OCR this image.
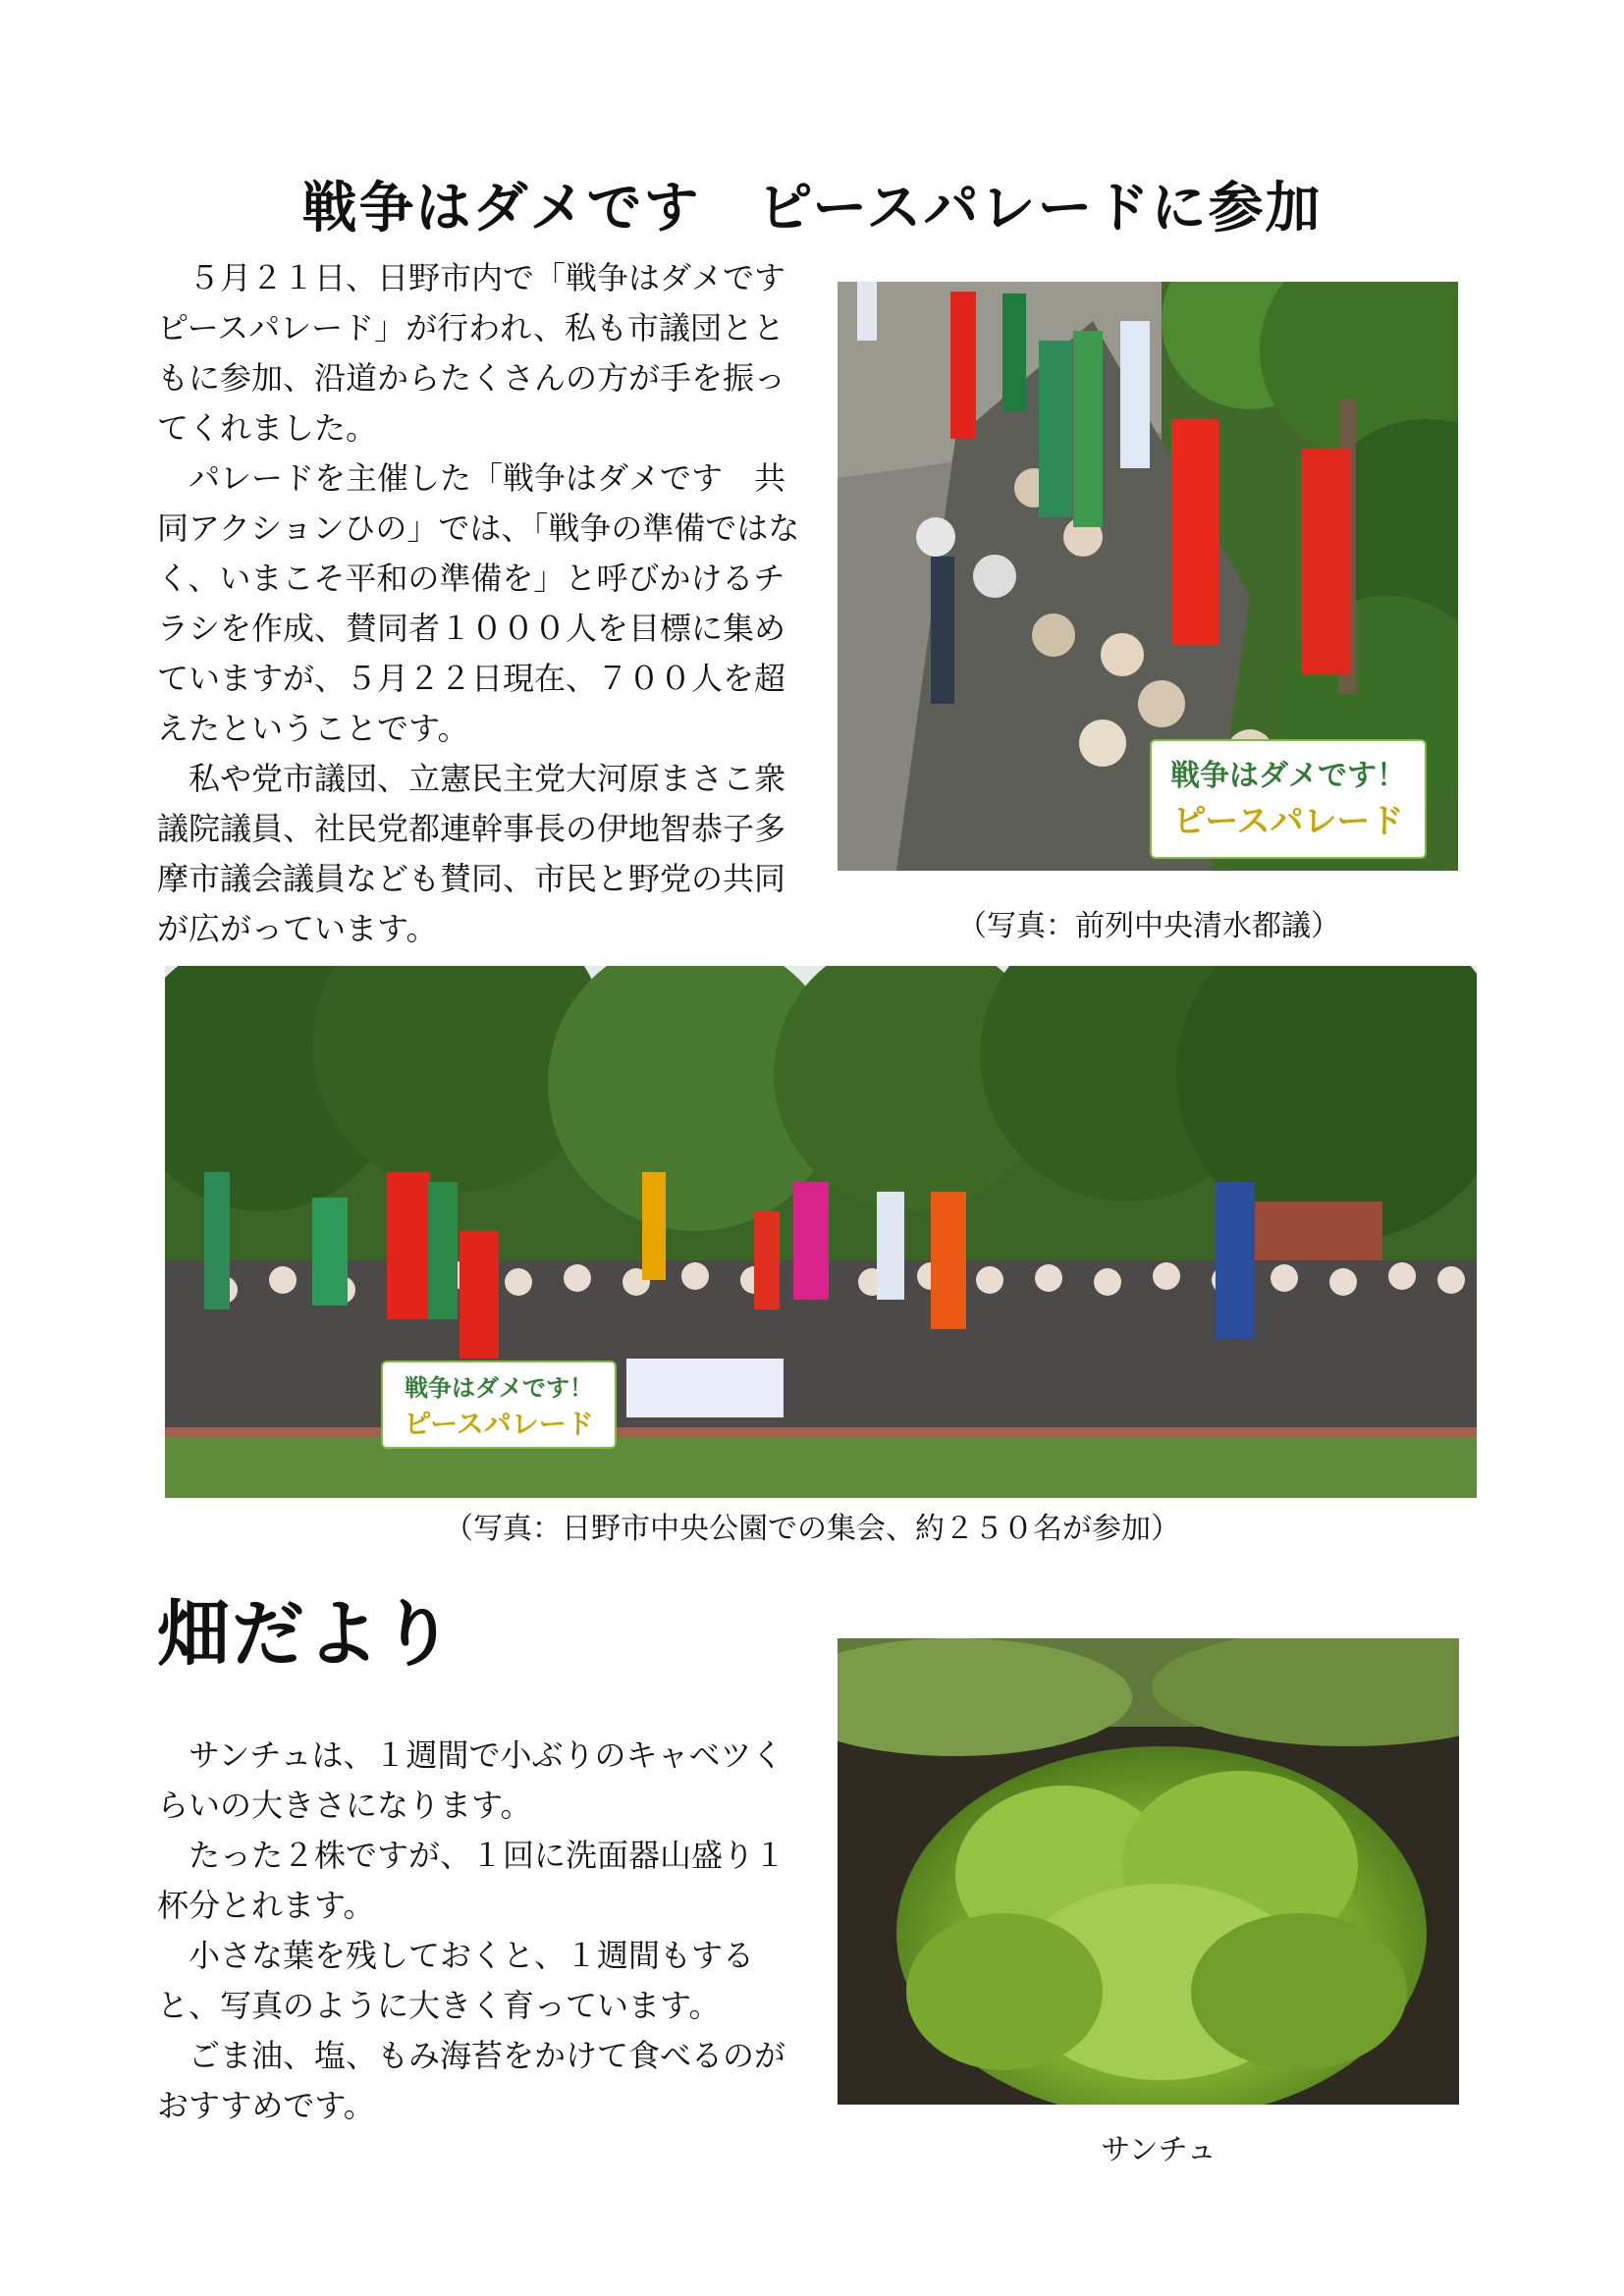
戦争はダメです　ピースパレードに参加

５月２１日、日野市内で「戦争はダメです　ピースパレード」が行われ、私も市議団とともに参加、沿道からたくさんの方が手を振ってくれました。

パレードを主催した「戦争はダメです　共同アクションひの」では、「戦争の準備ではなく、いまこそ平和の準備を」と呼びかけるチラシを作成、賛同者１０００人を目標に集めていますが、５月２２日現在、７００人を超えたということです。

私や党市議団、立憲民主党大河原まさこ衆議院議員、社民党都連幹事長の伊地智恭子多摩市議会議員なども賛同、市民と野党の共同が広がっています。

戦争はダメです！
ピースパレード
（写真：前列中央清水都議）
戦争はダメです！
ピースパレード
（写真：日野市中央公園での集会、約２５０名が参加）
畑だより

サンチュは、１週間で小ぶりのキャベツくらいの大きさになります。

たった２株ですが、１回に洗面器山盛り１杯分とれます。

小さな葉を残しておくと、１週間もすると、写真のように大きく育っています。

ごま油、塩、もみ海苔をかけて食べるのがおすすめです。

サンチュ
